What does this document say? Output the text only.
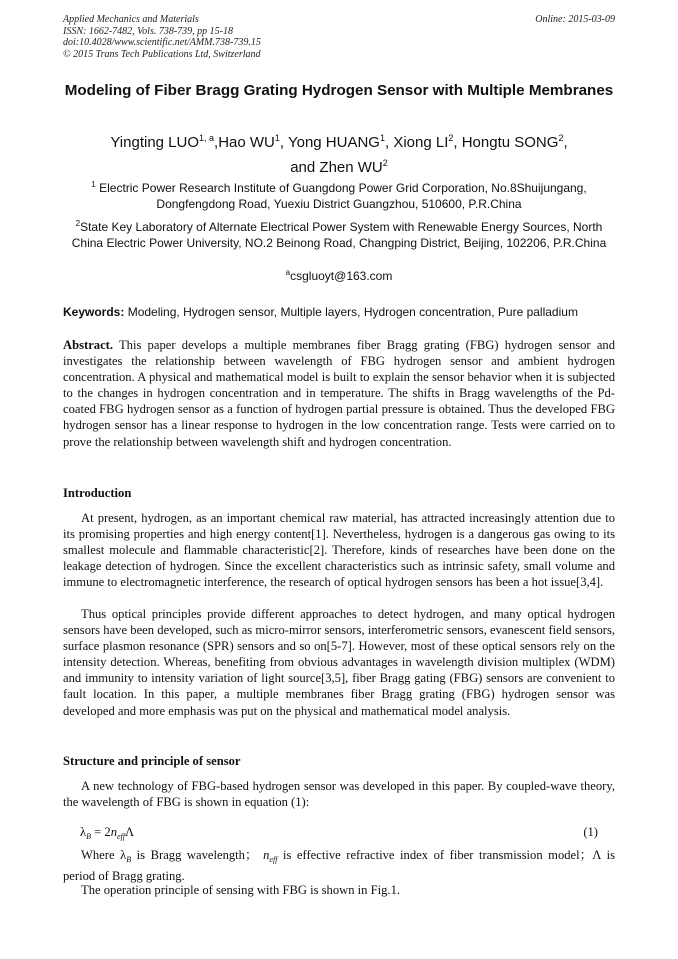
Applied Mechanics and Materials
ISSN: 1662-7482, Vols. 738-739, pp 15-18
doi:10.4028/www.scientific.net/AMM.738-739.15
© 2015 Trans Tech Publications Ltd, Switzerland
Online: 2015-03-09
Modeling of Fiber Bragg Grating Hydrogen Sensor with Multiple Membranes
Yingting LUO$^{1, a}$,Hao $WU^1$, Yong HUANG$^1$, Xiong $LI^2$, Hongtu SONG$^2$,
and Zhen $WU^2$
$^1$ Electric Power Research Institute of Guangdong Power Grid Corporation, No.8Shuijungang, Dongfengdong Road, Yuexiu District Guangzhou, 510600, P.R.China
$^2$State Key Laboratory of Alternate Electrical Power System with Renewable Energy Sources, North China Electric Power University, NO.2 Beinong Road, Changping District, Beijing, 102206, P.R.China
$^a$csgluoyt@163.com
Keywords: Modeling, Hydrogen sensor, Multiple layers, Hydrogen concentration, Pure palladium
Abstract. This paper develops a multiple membranes fiber Bragg grating (FBG) hydrogen sensor and investigates the relationship between wavelength of FBG hydrogen sensor and ambient hydrogen concentration. A physical and mathematical model is built to explain the sensor behavior when it is subjected to the changes in hydrogen concentration and in temperature. The shifts in Bragg wavelengths of the Pd-coated FBG hydrogen sensor as a function of hydrogen partial pressure is obtained. Thus the developed FBG hydrogen sensor has a linear response to hydrogen in the low concentration range. Tests were carried on to prove the relationship between wavelength shift and hydrogen concentration.
Introduction
At present, hydrogen, as an important chemical raw material, has attracted increasingly attention due to its promising properties and high energy content[1]. Nevertheless, hydrogen is a dangerous gas owing to its smallest molecule and flammable characteristic[2]. Therefore, kinds of researches have been done on the leakage detection of hydrogen. Since the excellent characteristics such as intrinsic safety, small volume and immune to electromagnetic interference, the research of optical hydrogen sensors has been a hot issue[3,4].
Thus optical principles provide different approaches to detect hydrogen, and many optical hydrogen sensors have been developed, such as micro-mirror sensors, interferometric sensors, evanescent field sensors, surface plasmon resonance (SPR) sensors and so on[5-7]. However, most of these optical sensors rely on the intensity detection. Whereas, benefiting from obvious advantages in wavelength division multiplex (WDM) and immunity to intensity variation of light source[3,5], fiber Bragg gating (FBG) sensors are convenient to fault location. In this paper, a multiple membranes fiber Bragg grating (FBG) hydrogen sensor was developed and more emphasis was put on the physical and mathematical model analysis.
Structure and principle of sensor
A new technology of FBG-based hydrogen sensor was developed in this paper. By coupled-wave theory, the wavelength of FBG is shown in equation (1):
$\lambda_B = 2n_{eff}\Lambda$	(1)
Where $\lambda_B$ is Bragg wavelength； $n_{eff}$ is effective refractive index of fiber transmission model；Λ is period of Bragg grating.
The operation principle of sensing with FBG is shown in Fig.1.
